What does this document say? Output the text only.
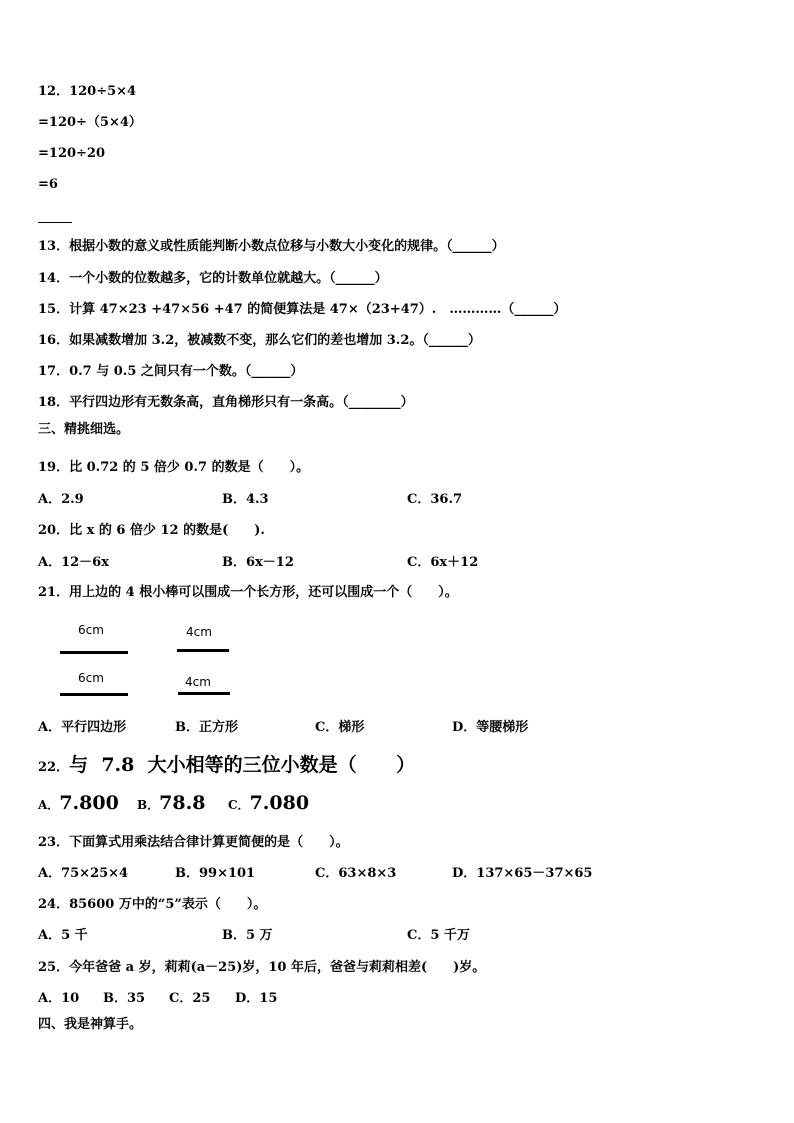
12．120÷5×4
=120÷（5×4）
=120÷20
=6
____
13．根据小数的意义或性质能判断小数点位移与小数大小变化的规律。（______）
14．一个小数的位数越多，它的计数单位就越大。（______）
15．计算 47×23 +47×56 +47 的简便算法是 47×（23+47）.　…………（______）
16．如果减数增加 3.2，被减数不变，那么它们的差也增加 3.2。（______）
17．0.7 与 0.5 之间只有一个数。（______）
18．平行四边形有无数条高，直角梯形只有一条高。（________）
三、精挑细选。
19．比 0.72 的 5 倍少 0.7 的数是（　　）。
A．2.9	B．4.3	C．36.7
20．比 x 的 6 倍少 12 的数是(　　).
A．12－6x	B．6x－12	C．6x＋12
21．用上边的 4 根小棒可以围成一个长方形，还可以围成一个（　　）。
6cm	4cm
6cm	4cm
A．平行四边形	B．正方形	C．梯形	D．等腰梯形
22．与  7.8  大小相等的三位小数是（      ）
A．7.800 B．78.8 C．7.080
23．下面算式用乘法结合律计算更简便的是（　　）。
A．75×25×4	B．99×101	C．63×8×3	D．137×65－37×65
24．85600 万中的“5”表示（　　）。
A．5 千	B．5 万	C．5 千万
25．今年爸爸 a 岁，莉莉(a－25)岁，10 年后，爸爸与莉莉相差(　　)岁。
A．10 B．35 C．25 D．15
四、我是神算手。
